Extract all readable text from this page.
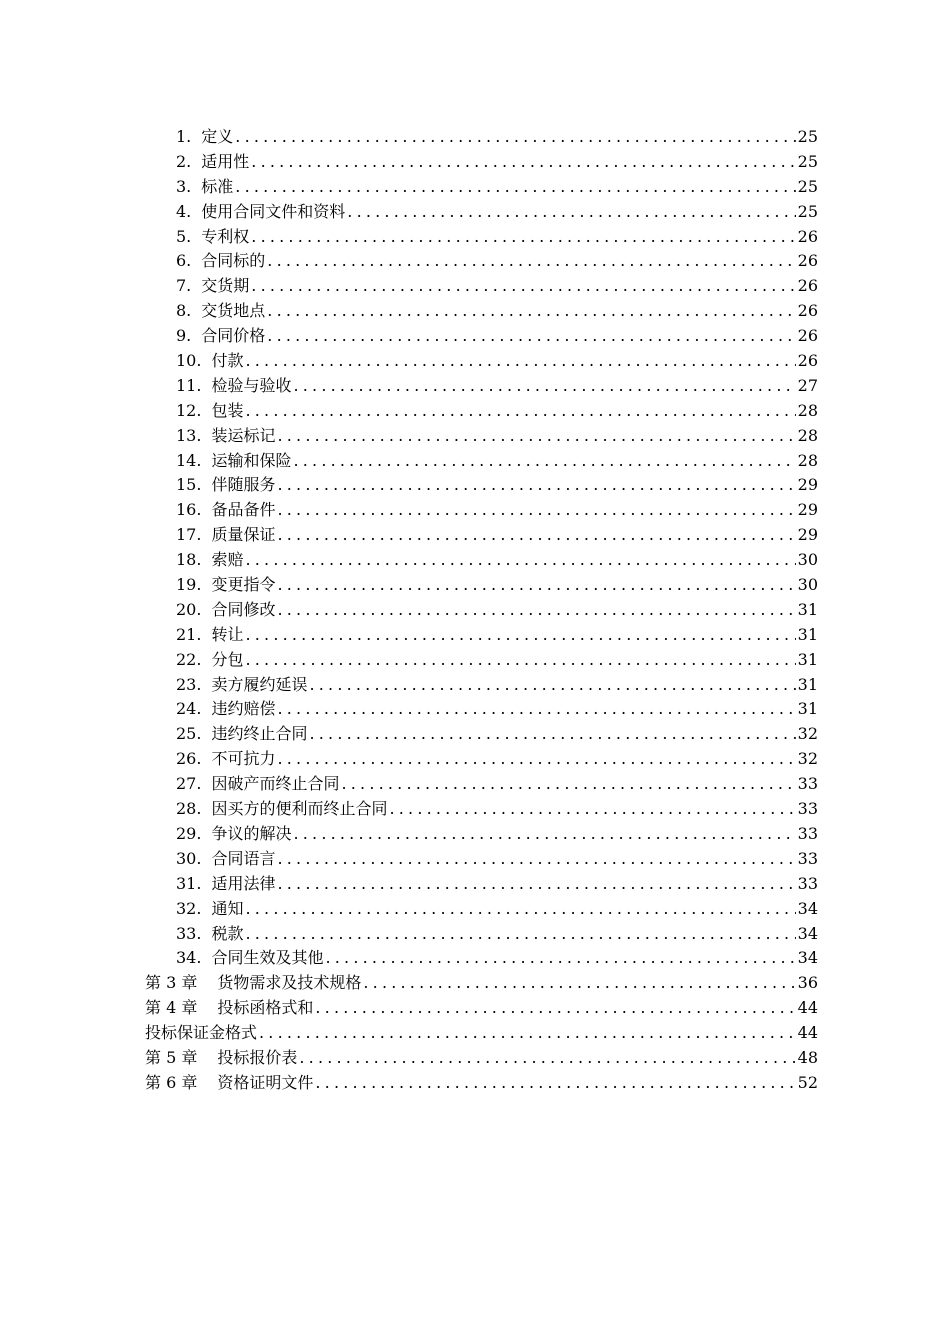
1. 定义 .....	25
2. 适用性 .....	25
3. 标准 .....	25
4. 使用合同文件和资料 .....	25
5. 专利权 .....	26
6. 合同标的 .....	26
7. 交货期 .....	26
8. 交货地点 .....	26
9. 合同价格 .....	26
10. 付款 .....	26
11. 检验与验收 .....	27
12. 包装 .....	28
13. 装运标记 .....	28
14. 运输和保险 .....	28
15. 伴随服务 .....	29
16. 备品备件 .....	29
17. 质量保证 .....	29
18. 索赔 .....	30
19. 变更指令 .....	30
20. 合同修改 .....	31
21. 转让 .....	31
22. 分包 .....	31
23. 卖方履约延误 .....	31
24. 违约赔偿 .....	31
25. 违约终止合同 .....	32
26. 不可抗力 .....	32
27. 因破产而终止合同 .....	33
28. 因买方的便利而终止合同 .....	33
29. 争议的解决 .....	33
30. 合同语言 .....	33
31. 适用法律 .....	33
32. 通知 .....	34
33. 税款 .....	34
34. 合同生效及其他 .....	34
第 3 章 货物需求及技术规格 .....	36
第 4 章 投标函格式和 .....	44
投标保证金格式 .....	44
第 5 章 投标报价表 .....	48
第 6 章 资格证明文件 .....	52
